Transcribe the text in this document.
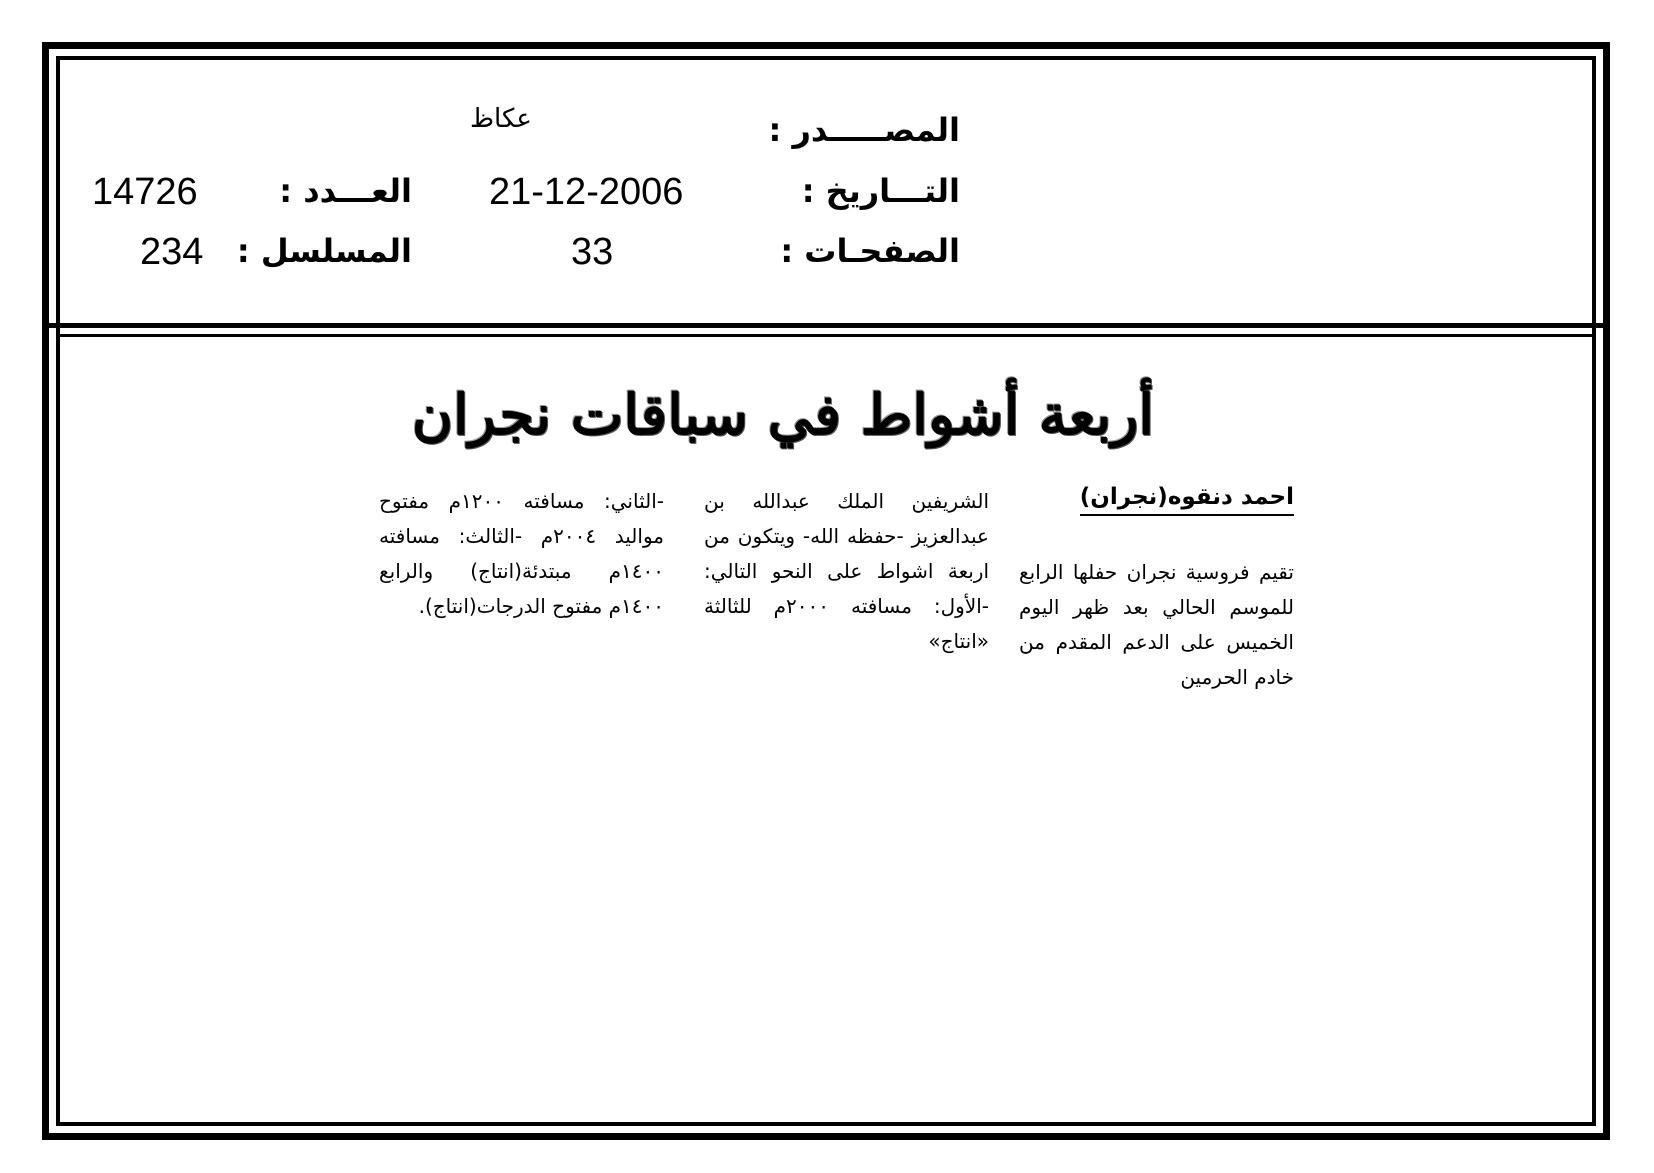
المصـــــدر :
عكاظ
التـــاريخ :
21-12-2006
العـــدد :
14726
الصفحـات :
33
المسلسل :
234
أربعة أشواط في سباقات نجران
احمد دنقوه(نجران)
تقيم فروسية نجران حفلها الرابع للموسم الحالي بعد ظهر اليوم الخميس على الدعم المقدم من خادم الحرمين
الشريفين الملك عبدالله بن عبدالعزيز -حفظه الله- ويتكون من اربعة اشواط على النحو التالي: -الأول: مسافته ٢٠٠٠م للثالثة «انتاج»
-الثاني: مسافته ١٢٠٠م مفتوح مواليد ٢٠٠٤م -الثالث: مسافته ١٤٠٠م مبتدئة(انتاج) والرابع ١٤٠٠م مفتوح الدرجات(انتاج).
